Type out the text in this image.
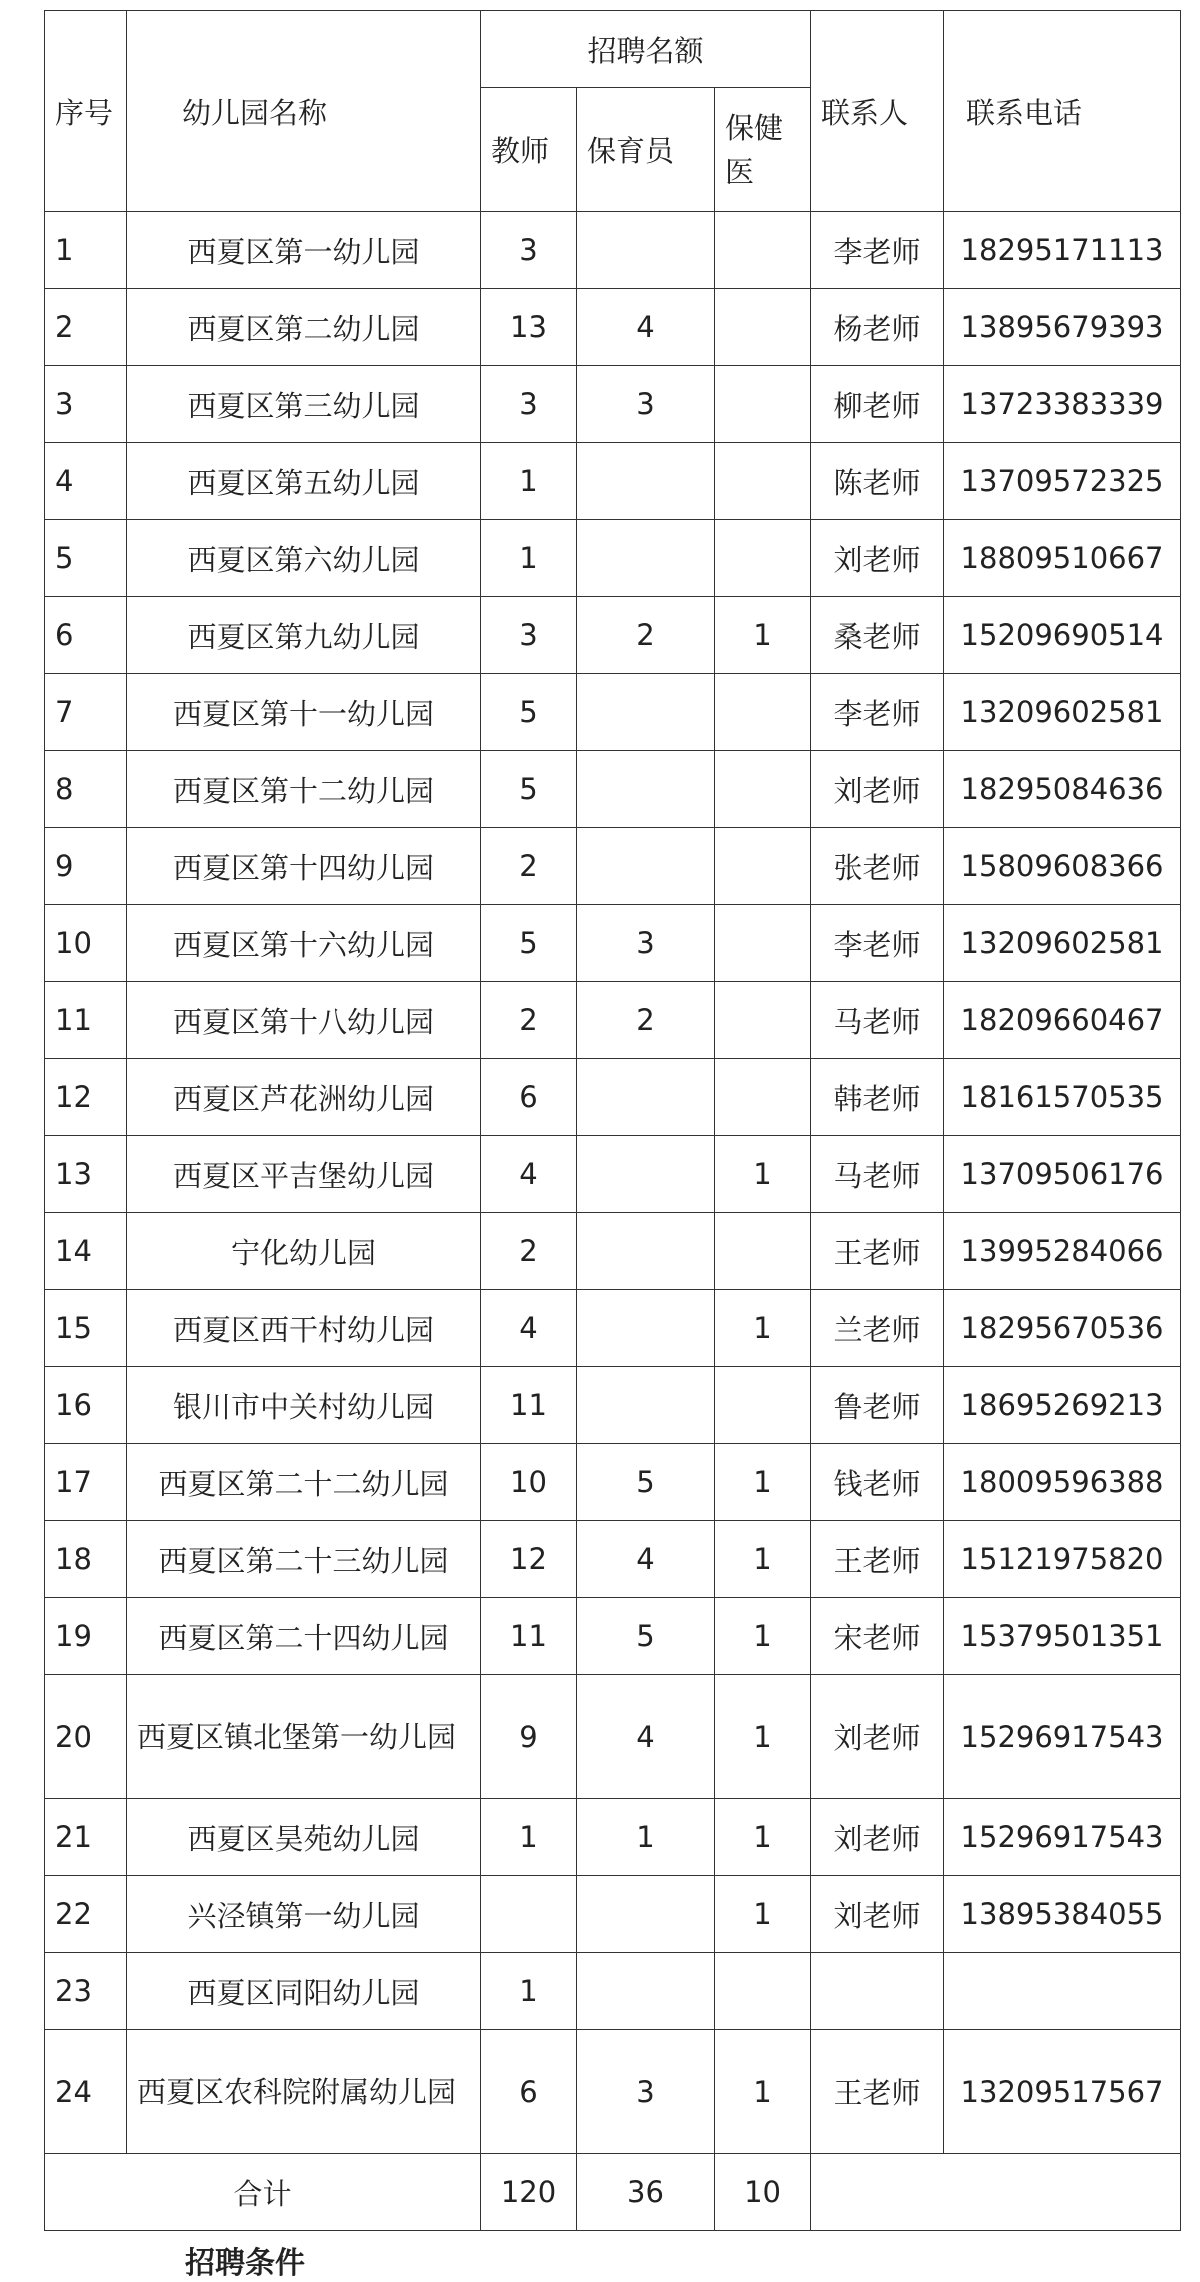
序号	幼儿园名称	招聘名额			联系人	联系电话
		教师	保育员	保健医		
1	西夏区第一幼儿园	3			李老师	18295171113
2	西夏区第二幼儿园	13	4		杨老师	13895679393
3	西夏区第三幼儿园	3	3		柳老师	13723383339
4	西夏区第五幼儿园	1			陈老师	13709572325
5	西夏区第六幼儿园	1			刘老师	18809510667
6	西夏区第九幼儿园	3	2	1	桑老师	15209690514
7	西夏区第十一幼儿园	5			李老师	13209602581
8	西夏区第十二幼儿园	5			刘老师	18295084636
9	西夏区第十四幼儿园	2			张老师	15809608366
10	西夏区第十六幼儿园	5	3		李老师	13209602581
11	西夏区第十八幼儿园	2	2		马老师	18209660467
12	西夏区芦花洲幼儿园	6			韩老师	18161570535
13	西夏区平吉堡幼儿园	4		1	马老师	13709506176
14	宁化幼儿园	2			王老师	13995284066
15	西夏区西干村幼儿园	4		1	兰老师	18295670536
16	银川市中关村幼儿园	11			鲁老师	18695269213
17	西夏区第二十二幼儿园	10	5	1	钱老师	18009596388
18	西夏区第二十三幼儿园	12	4	1	王老师	15121975820
19	西夏区第二十四幼儿园	11	5	1	宋老师	15379501351
20	西夏区镇北堡第一幼儿园	9	4	1	刘老师	15296917543
21	西夏区昊苑幼儿园	1	1	1	刘老师	15296917543
22	兴泾镇第一幼儿园			1	刘老师	13895384055
23	西夏区同阳幼儿园	1				
24	西夏区农科院附属幼儿园	6	3	1	王老师	13209517567
合计		120	36	10		
招聘条件
